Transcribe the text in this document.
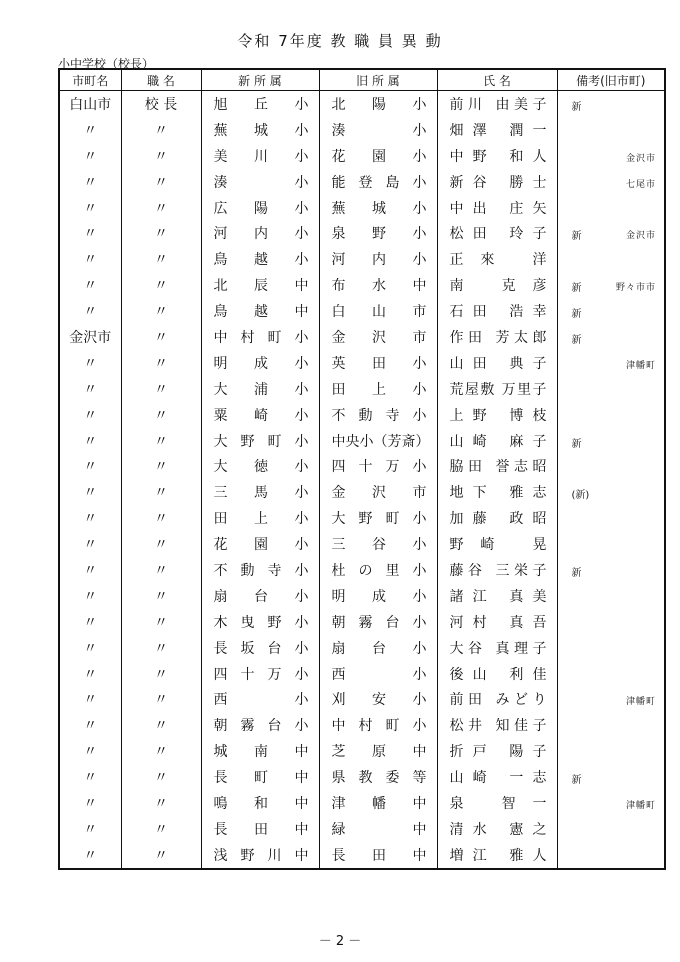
令和 7年度 教 職 員 異 動
小中学校（校長）
市町名	職 名	新 所 属	旧 所 属	氏 名	備考(旧市町)
白山市	校 長	旭丘小	北陽小	前川 由美子	新

〃	〃	蕪城小	湊小	畑澤 潤一	

〃	〃	美川小	花園小	中野 和人	金沢市

〃	〃	湊小	能登島小	新谷 勝士	七尾市

〃	〃	広陽小	蕪城小	中出 庄矢	

〃	〃	河内小	泉野小	松田 玲子	新 金沢市

〃	〃	鳥越小	河内小	正來 洋	

〃	〃	北辰中	布水中	南 克彦	新 野々市市

〃	〃	鳥越中	白山市	石田 浩幸	新

金沢市	〃	中村町小	金沢市	作田 芳太郎	新

〃	〃	明成小	英田小	山田 典子	津幡町

〃	〃	大浦小	田上小	荒屋敷 万里子	

〃	〃	粟崎小	不動寺小	上野 博枝	

〃	〃	大野町小	中央小（芳斎）	山崎 麻子	新

〃	〃	大徳小	四十万小	脇田 誉志昭	

〃	〃	三馬小	金沢市	地下 雅志	(新)

〃	〃	田上小	大野町小	加藤 政昭	

〃	〃	花園小	三谷小	野崎 晃	

〃	〃	不動寺小	杜の里小	藤谷 三栄子	新

〃	〃	扇台小	明成小	諸江 真美	

〃	〃	木曳野小	朝霧台小	河村 真吾	

〃	〃	長坂台小	扇台小	大谷 真理子	

〃	〃	四十万小	西小	後山 利佳	

〃	〃	西小	刈安小	前田 みどり	津幡町

〃	〃	朝霧台小	中村町小	松井 知佳子	

〃	〃	城南中	芝原中	折戸 陽子	

〃	〃	長町中	県教委等	山崎 一志	新

〃	〃	鳴和中	津幡中	泉 智一	津幡町

〃	〃	長田中	緑中	清水 憲之	

〃	〃	浅野川中	長田中	増江 雅人	
－ 2 －
